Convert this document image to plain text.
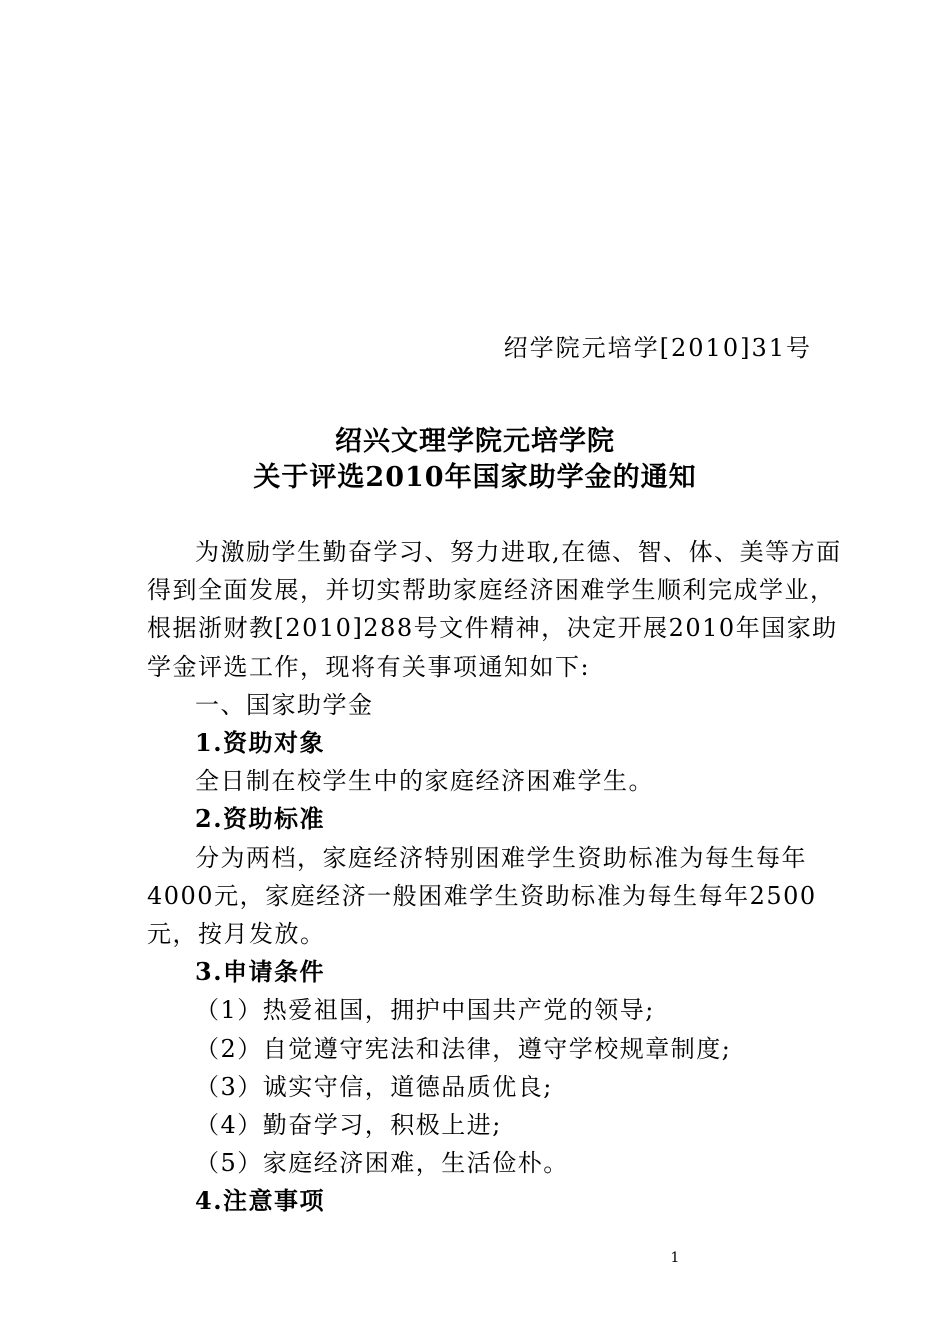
绍学院元培学[2010]31号
绍兴文理学院元培学院
关于评选2010年国家助学金的通知

为激励学生勤奋学习、努力进取,在德、智、体、美等方面

得到全面发展，并切实帮助家庭经济困难学生顺利完成学业，

根据浙财教[2010]288号文件精神，决定开展2010年国家助

学金评选工作，现将有关事项通知如下:

一、国家助学金

1.资助对象

全日制在校学生中的家庭经济困难学生。

2.资助标准

分为两档，家庭经济特别困难学生资助标准为每生每年

4000元，家庭经济一般困难学生资助标准为每生每年2500

元，按月发放。

3.申请条件

（1）热爱祖国，拥护中国共产党的领导;

（2）自觉遵守宪法和法律，遵守学校规章制度;

（3）诚实守信，道德品质优良;

（4）勤奋学习，积极上进;

（5）家庭经济困难，生活俭朴。

4.注意事项

1
